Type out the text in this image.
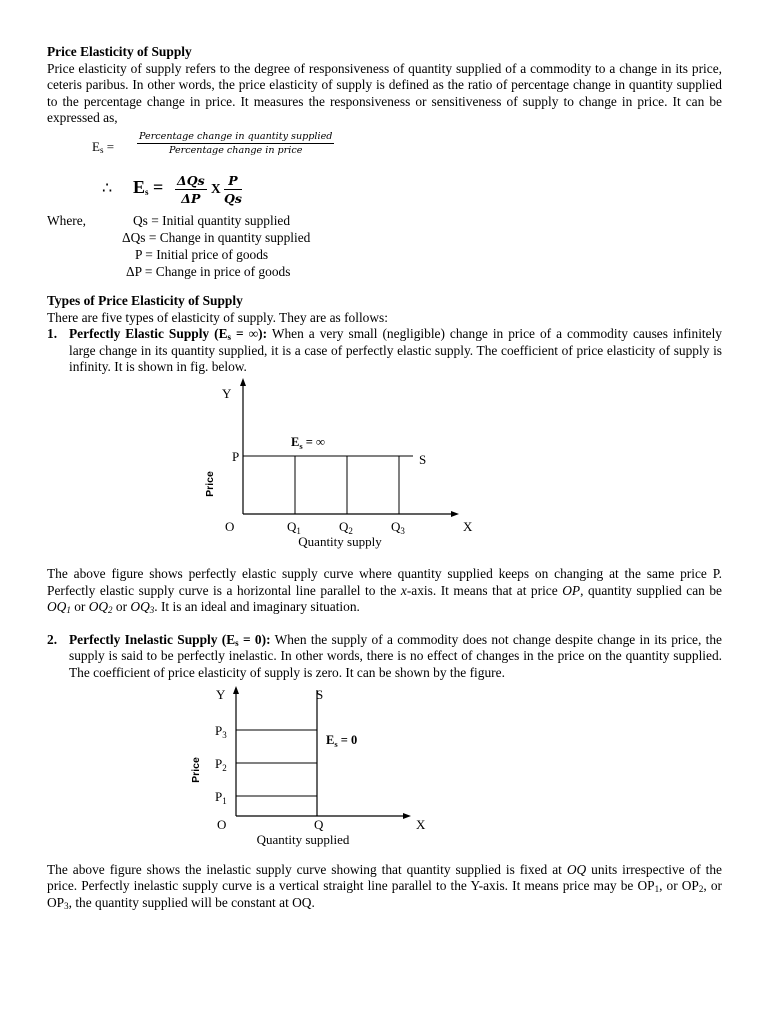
Price Elasticity of Supply

Price elasticity of supply refers to the degree of responsiveness of quantity supplied of a commodity to a change in its price, ceteris paribus. In other words, the price elasticity of supply is defined as the ratio of percentage change in quantity supplied to the percentage change in price. It measures the responsiveness or sensitiveness of supply to change in price. It can be expressed as,

$E_s$ =
Percentage change in quantity supplied
Percentage change in price
∴ $E_s = \Delta Qs$
ΔP
X $\frac{P}{Qs}$
Where,	Qs = Initial quantity supplied
ΔQs = Change in quantity supplied
P = Initial price of goods
ΔP = Change in price of goods

Types of Price Elasticity of Supply

There are five types of elasticity of supply. They are as follows:

1. Perfectly Elastic Supply ($E_s$ = ∞): When a very small (negligible) change in price of a commodity causes infinitely large change in its quantity supplied, it is a case of perfectly elastic supply. The coefficient of price elasticity of supply is infinity. It is shown in fig. below.
Y
X
O
P	S
$Q_1$	$Q_2$	$Q_3$
$E_s$ = ∞
Quantity supply
Price

The above figure shows perfectly elastic supply curve where quantity supplied keeps on changing at the same price P. Perfectly elastic supply curve is a horizontal line parallel to the x-axis. It means that at price OP, quantity supplied can be $OQ_1$ or $OQ_2$ or $OQ_3$. It is an ideal and imaginary situation.

2. Perfectly Inelastic Supply $(E_s = 0)$: When the supply of a commodity does not change despite change in its price, the supply is said to be perfectly inelastic. In other words, there is no effect of changes in the price on the quantity supplied. The coefficient of price elasticity of supply is zero. It can be shown by the figure.
Y
X
O	Q
S
$P_1$
$P_2$
$P_3$	$E_s = 0$
Quantity supplied
Price

The above figure shows the inelastic supply curve showing that quantity supplied is fixed at OQ units irrespective of the price. Perfectly inelastic supply curve is a vertical straight line parallel to the Y-axis. It means price may be $OP_1$, or $OP_2$, or $OP_3$, the quantity supplied will be constant at OQ.
